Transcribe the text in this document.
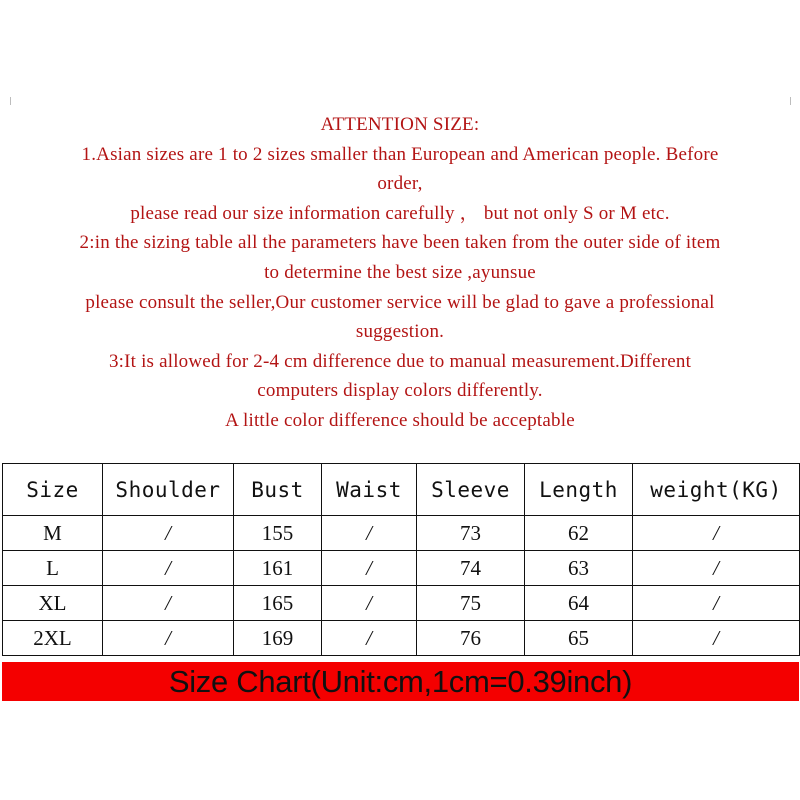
ATTENTION SIZE:
1.Asian sizes are 1 to 2 sizes smaller than European and American people. Before
order,
please read our size information carefully ， but not only S or M etc.
2:in the sizing table all the parameters have been taken from the outer side of item
to determine the best size ,ayunsue
please consult the seller,Our customer service will be glad to gave a professional
suggestion.
3:It is allowed for 2-4 cm difference due to manual measurement.Different
computers display colors differently.
A little color difference should be acceptable
Size	Shoulder	Bust	Waist	Sleeve	Length	weight(KG)
M	/	155	/	73	62	/
L	/	161	/	74	63	/
XL	/	165	/	75	64	/
2XL	/	169	/	76	65	/
Size Chart(Unit:cm,1cm=0.39inch)
